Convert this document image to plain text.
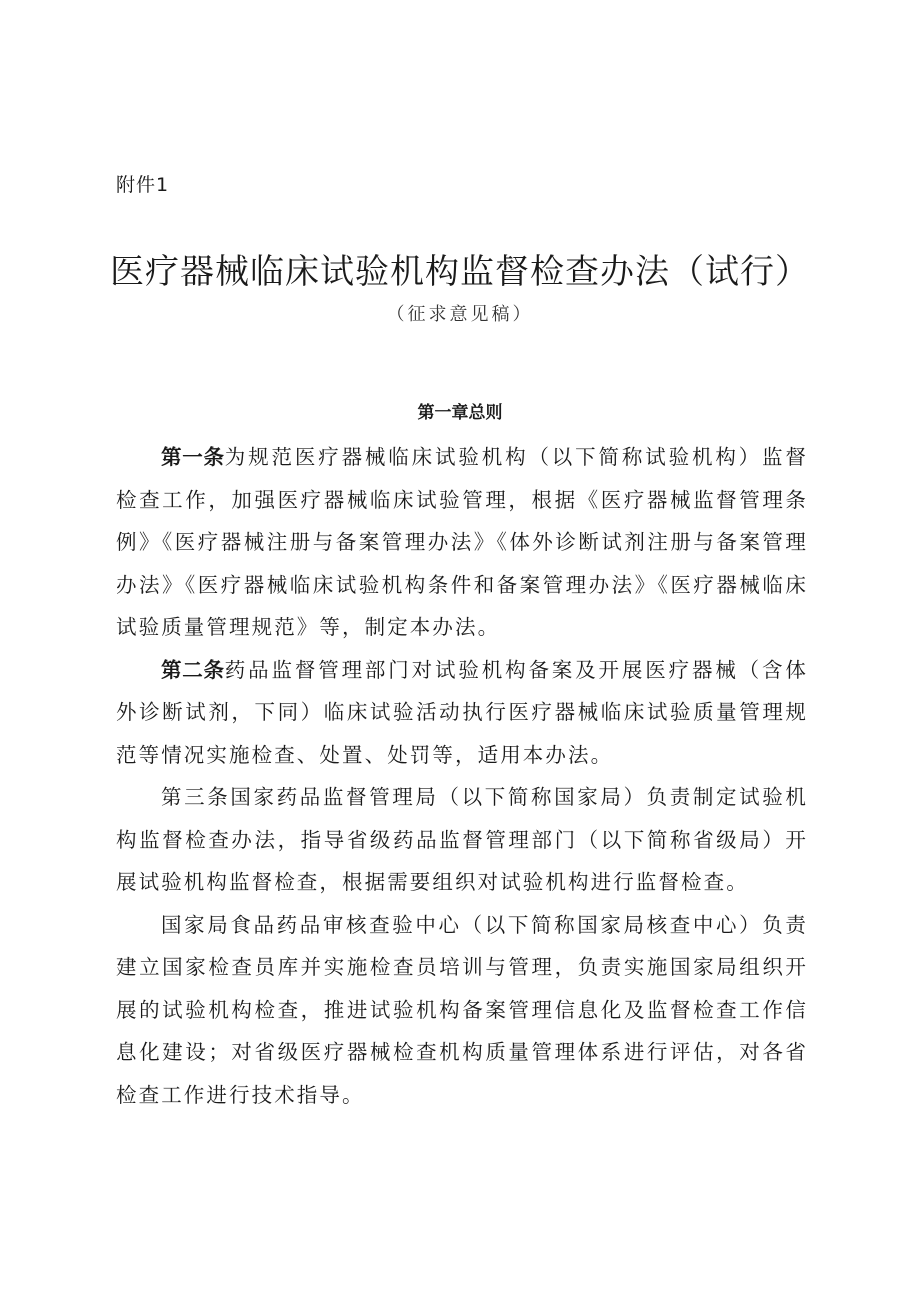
附件1
医疗器械临床试验机构监督检查办法（试行）
（征求意见稿）
第一章总则

第一条为规范医疗器械临床试验机构（以下简称试验机构）监督检查工作，加强医疗器械临床试验管理，根据《医疗器械监督管理条例》《医疗器械注册与备案管理办法》《体外诊断试剂注册与备案管理办法》《医疗器械临床试验机构条件和备案管理办法》《医疗器械临床试验质量管理规范》等，制定本办法。

第二条药品监督管理部门对试验机构备案及开展医疗器械（含体外诊断试剂，下同）临床试验活动执行医疗器械临床试验质量管理规范等情况实施检查、处置、处罚等，适用本办法。

第三条国家药品监督管理局（以下简称国家局）负责制定试验机构监督检查办法，指导省级药品监督管理部门（以下简称省级局）开展试验机构监督检查，根据需要组织对试验机构进行监督检查。

国家局食品药品审核查验中心（以下简称国家局核查中心）负责建立国家检查员库并实施检查员培训与管理，负责实施国家局组织开展的试验机构检查，推进试验机构备案管理信息化及监督检查工作信息化建设；对省级医疗器械检查机构质量管理体系进行评估，对各省检查工作进行技术指导。
